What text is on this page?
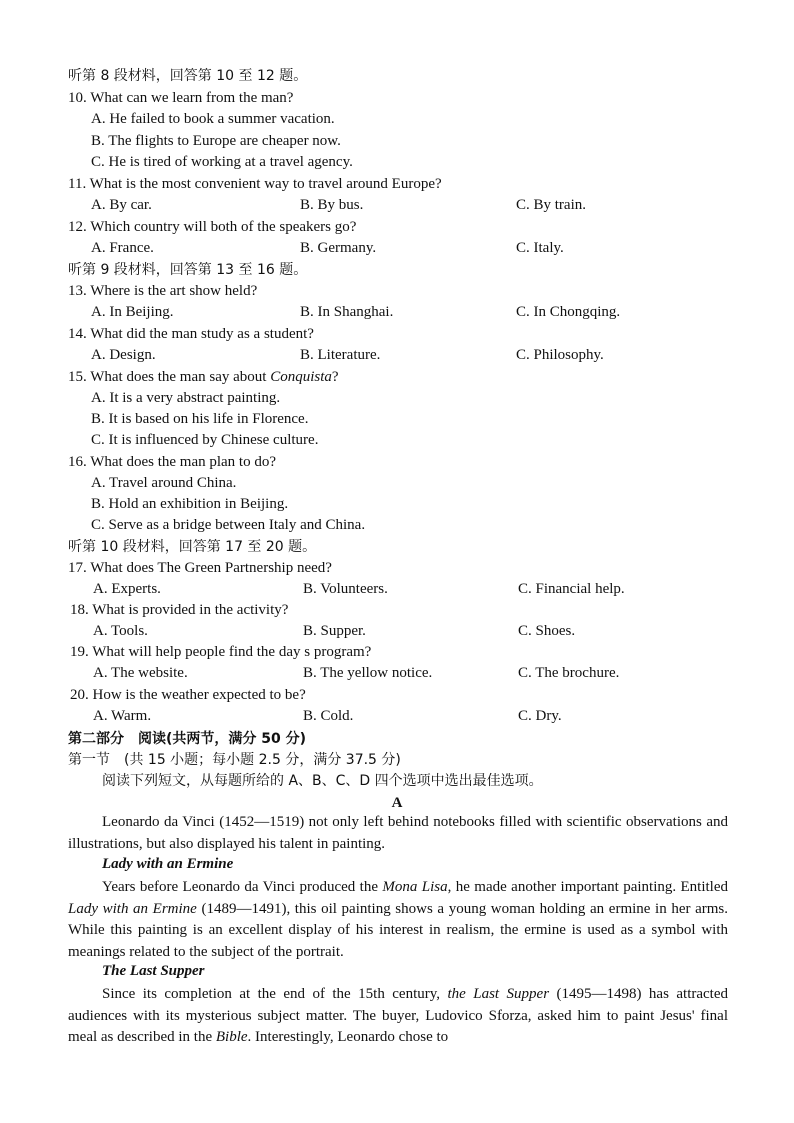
听第 8 段材料，回答第 10 至 12 题。
10. What can we learn from the man?
A. He failed to book a summer vacation.
B. The flights to Europe are cheaper now.
C. He is tired of working at a travel agency.
11. What is the most convenient way to travel around Europe?
A. By car.	B. By bus.	C. By train.
12. Which country will both of the speakers go?
A. France.	B. Germany.	C. Italy.
听第 9 段材料，回答第 13 至 16 题。
13. Where is the art show held?
A. In Beijing.	B. In Shanghai.	C. In Chongqing.
14. What did the man study as a student?
A. Design.	B. Literature.	C. Philosophy.
15. What does the man say about Conquista?
A. It is a very abstract painting.
B. It is based on his life in Florence.
C. It is influenced by Chinese culture.
16. What does the man plan to do?
A. Travel around China.
B. Hold an exhibition in Beijing.
C. Serve as a bridge between Italy and China.
听第 10 段材料，回答第 17 至 20 题。
17. What does The Green Partnership need?
A. Experts.	B. Volunteers.	C. Financial help.
18. What is provided in the activity?
A. Tools.	B. Supper.	C. Shoes.
19. What will help people find the day s program?
A. The website.	B. The yellow notice.	C. The brochure.
20. How is the weather expected to be?
A. Warm.	B. Cold.	C. Dry.
第二部分　阅读(共两节，满分 50 分)
第一节　(共 15 小题；每小题 2.5 分，满分 37.5 分)
阅读下列短文，从每题所给的 A、B、C、D 四个选项中选出最佳选项。
A
Leonardo da Vinci (1452—1519) not only left behind notebooks filled with scientific observations and illustrations, but also displayed his talent in painting.
Lady with an Ermine
Years before Leonardo da Vinci produced the Mona Lisa, he made another important painting. Entitled Lady with an Ermine (1489—1491), this oil painting shows a young woman holding an ermine in her arms. While this painting is an excellent display of his interest in realism, the ermine is used as a symbol with meanings related to the subject of the portrait.
The Last Supper
Since its completion at the end of the 15th century, the Last Supper (1495—1498) has attracted audiences with its mysterious subject matter. The buyer, Ludovico Sforza, asked him to paint Jesus' final meal as described in the Bible. Interestingly, Leonardo chose to
